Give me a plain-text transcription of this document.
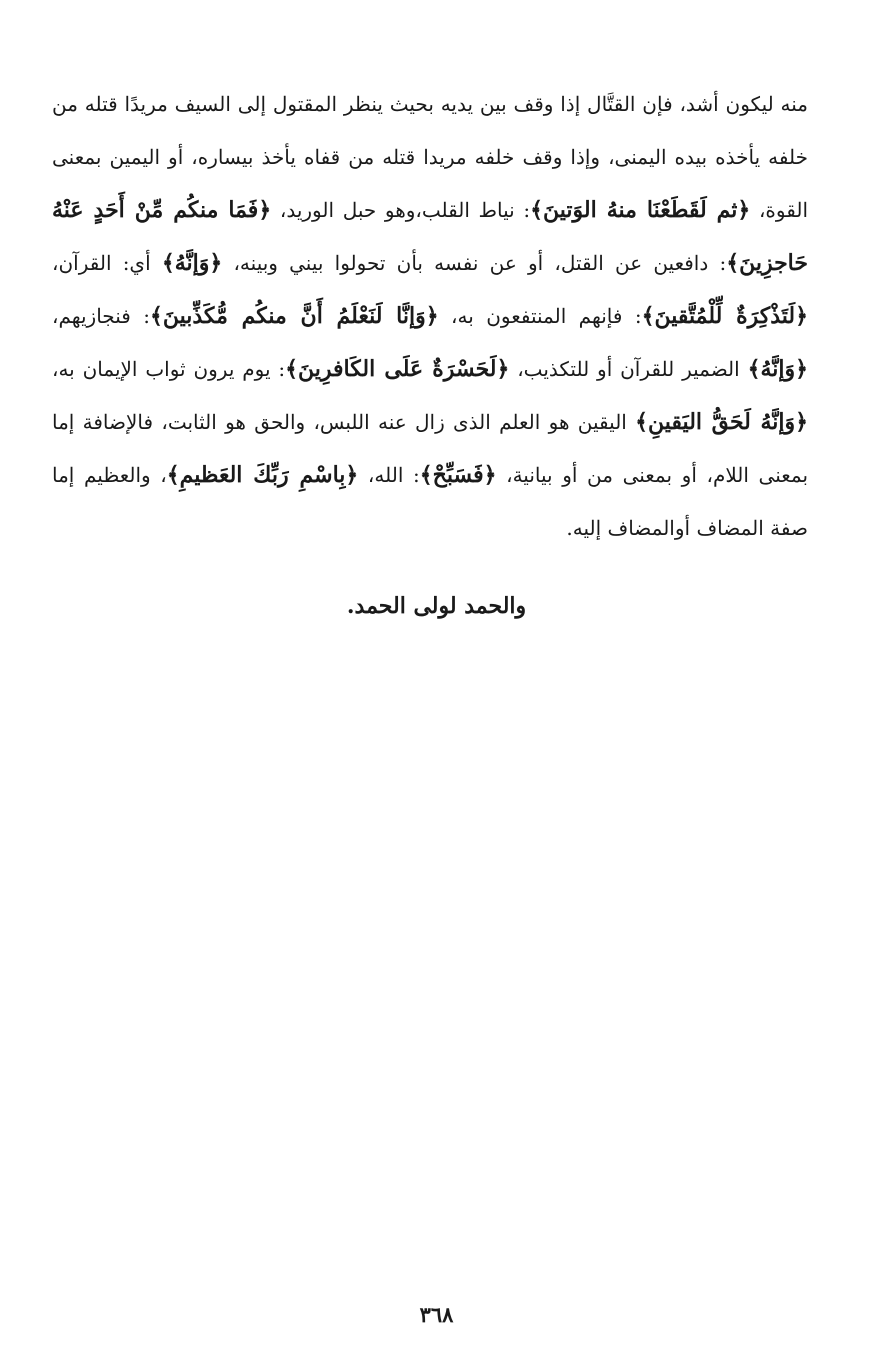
منه ليكون أشد، فإن القتَّال إذا وقف بين يديه بحيث ينظر المقتول إلى السيف مريدًا قتله من خلفه يأخذه بيده اليمنى، وإذا وقف خلفه مريدا قتله من قفاه يأخذ بيساره، أو اليمين بمعنى القوة، ﴿ثم لَقَطَعْنَا منهُ الوَتينَ﴾: نياط القلب،وهو حبل الوريد، ﴿فَمَا منكُم مِّنْ أَحَدٍ عَنْهُ حَاجزِينَ﴾: دافعين عن القتل، أو عن نفسه بأن تحولوا بيني وبينه، ﴿وَإنَّهُ﴾ أي: القرآن، ﴿لَتَذْكِرَةٌ لِّلْمُتَّقينَ﴾: فإنهم المنتفعون به، ﴿وَإنَّا لَنَعْلَمُ أَنَّ منكُم مُّكَذِّبينَ﴾: فنجازيهم، ﴿وَإنَّهُ﴾ الضمير للقرآن أو للتكذيب، ﴿لَحَسْرَةٌ عَلَى الكَافرِينَ﴾: يوم يرون ثواب الإيمان به، ﴿وَإنَّهُ لَحَقُّ اليَقينِ﴾ اليقين هو العلم الذى زال عنه اللبس، والحق هو الثابت، فالإضافة إما بمعنى اللام، أو بمعنى من أو بيانية، ﴿فَسَبِّحْ﴾: الله، ﴿بِاسْمِ رَبِّكَ العَظيمِ﴾، والعظيم إما صفة المضاف أوالمضاف إليه.
والحمد لولى الحمد.
٣٦٨
